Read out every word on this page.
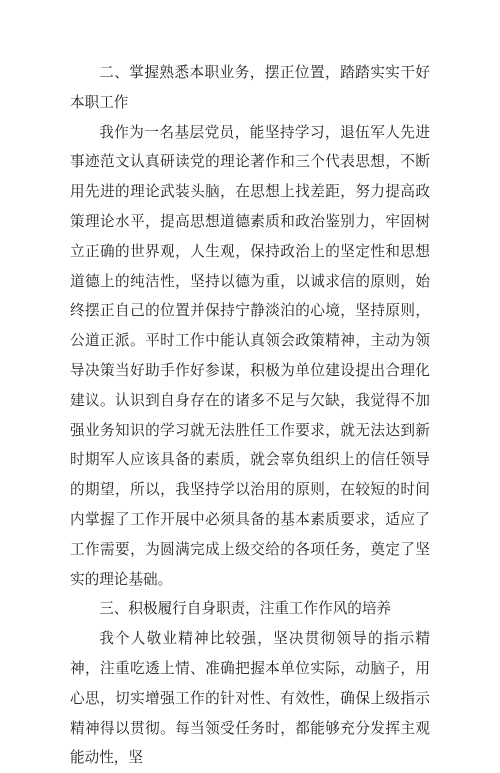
二、掌握熟悉本职业务，摆正位置，踏踏实实干好本职工作

我作为一名基层党员，能坚持学习，退伍军人先进事迹范文认真研读党的理论著作和三个代表思想，不断用先进的理论武装头脑，在思想上找差距，努力提高政策理论水平，提高思想道德素质和政治鉴别力，牢固树立正确的世界观，人生观，保持政治上的坚定性和思想道德上的纯洁性，坚持以德为重，以诚求信的原则，始终摆正自己的位置并保持宁静淡泊的心境，坚持原则，公道正派。平时工作中能认真领会政策精神，主动为领导决策当好助手作好参谋，积极为单位建设提出合理化建议。认识到自身存在的诸多不足与欠缺，我觉得不加强业务知识的学习就无法胜任工作要求，就无法达到新时期军人应该具备的素质，就会辜负组织上的信任领导的期望，所以，我坚持学以治用的原则，在较短的时间内掌握了工作开展中必须具备的基本素质要求，适应了工作需要，为圆满完成上级交给的各项任务，奠定了坚实的理论基础。

三、积极履行自身职责，注重工作作风的培养

我个人敬业精神比较强，坚决贯彻领导的指示精神，注重吃透上情、准确把握本单位实际，动脑子，用心思，切实增强工作的针对性、有效性，确保上级指示精神得以贯彻。每当领受任务时，都能够充分发挥主观能动性，坚
